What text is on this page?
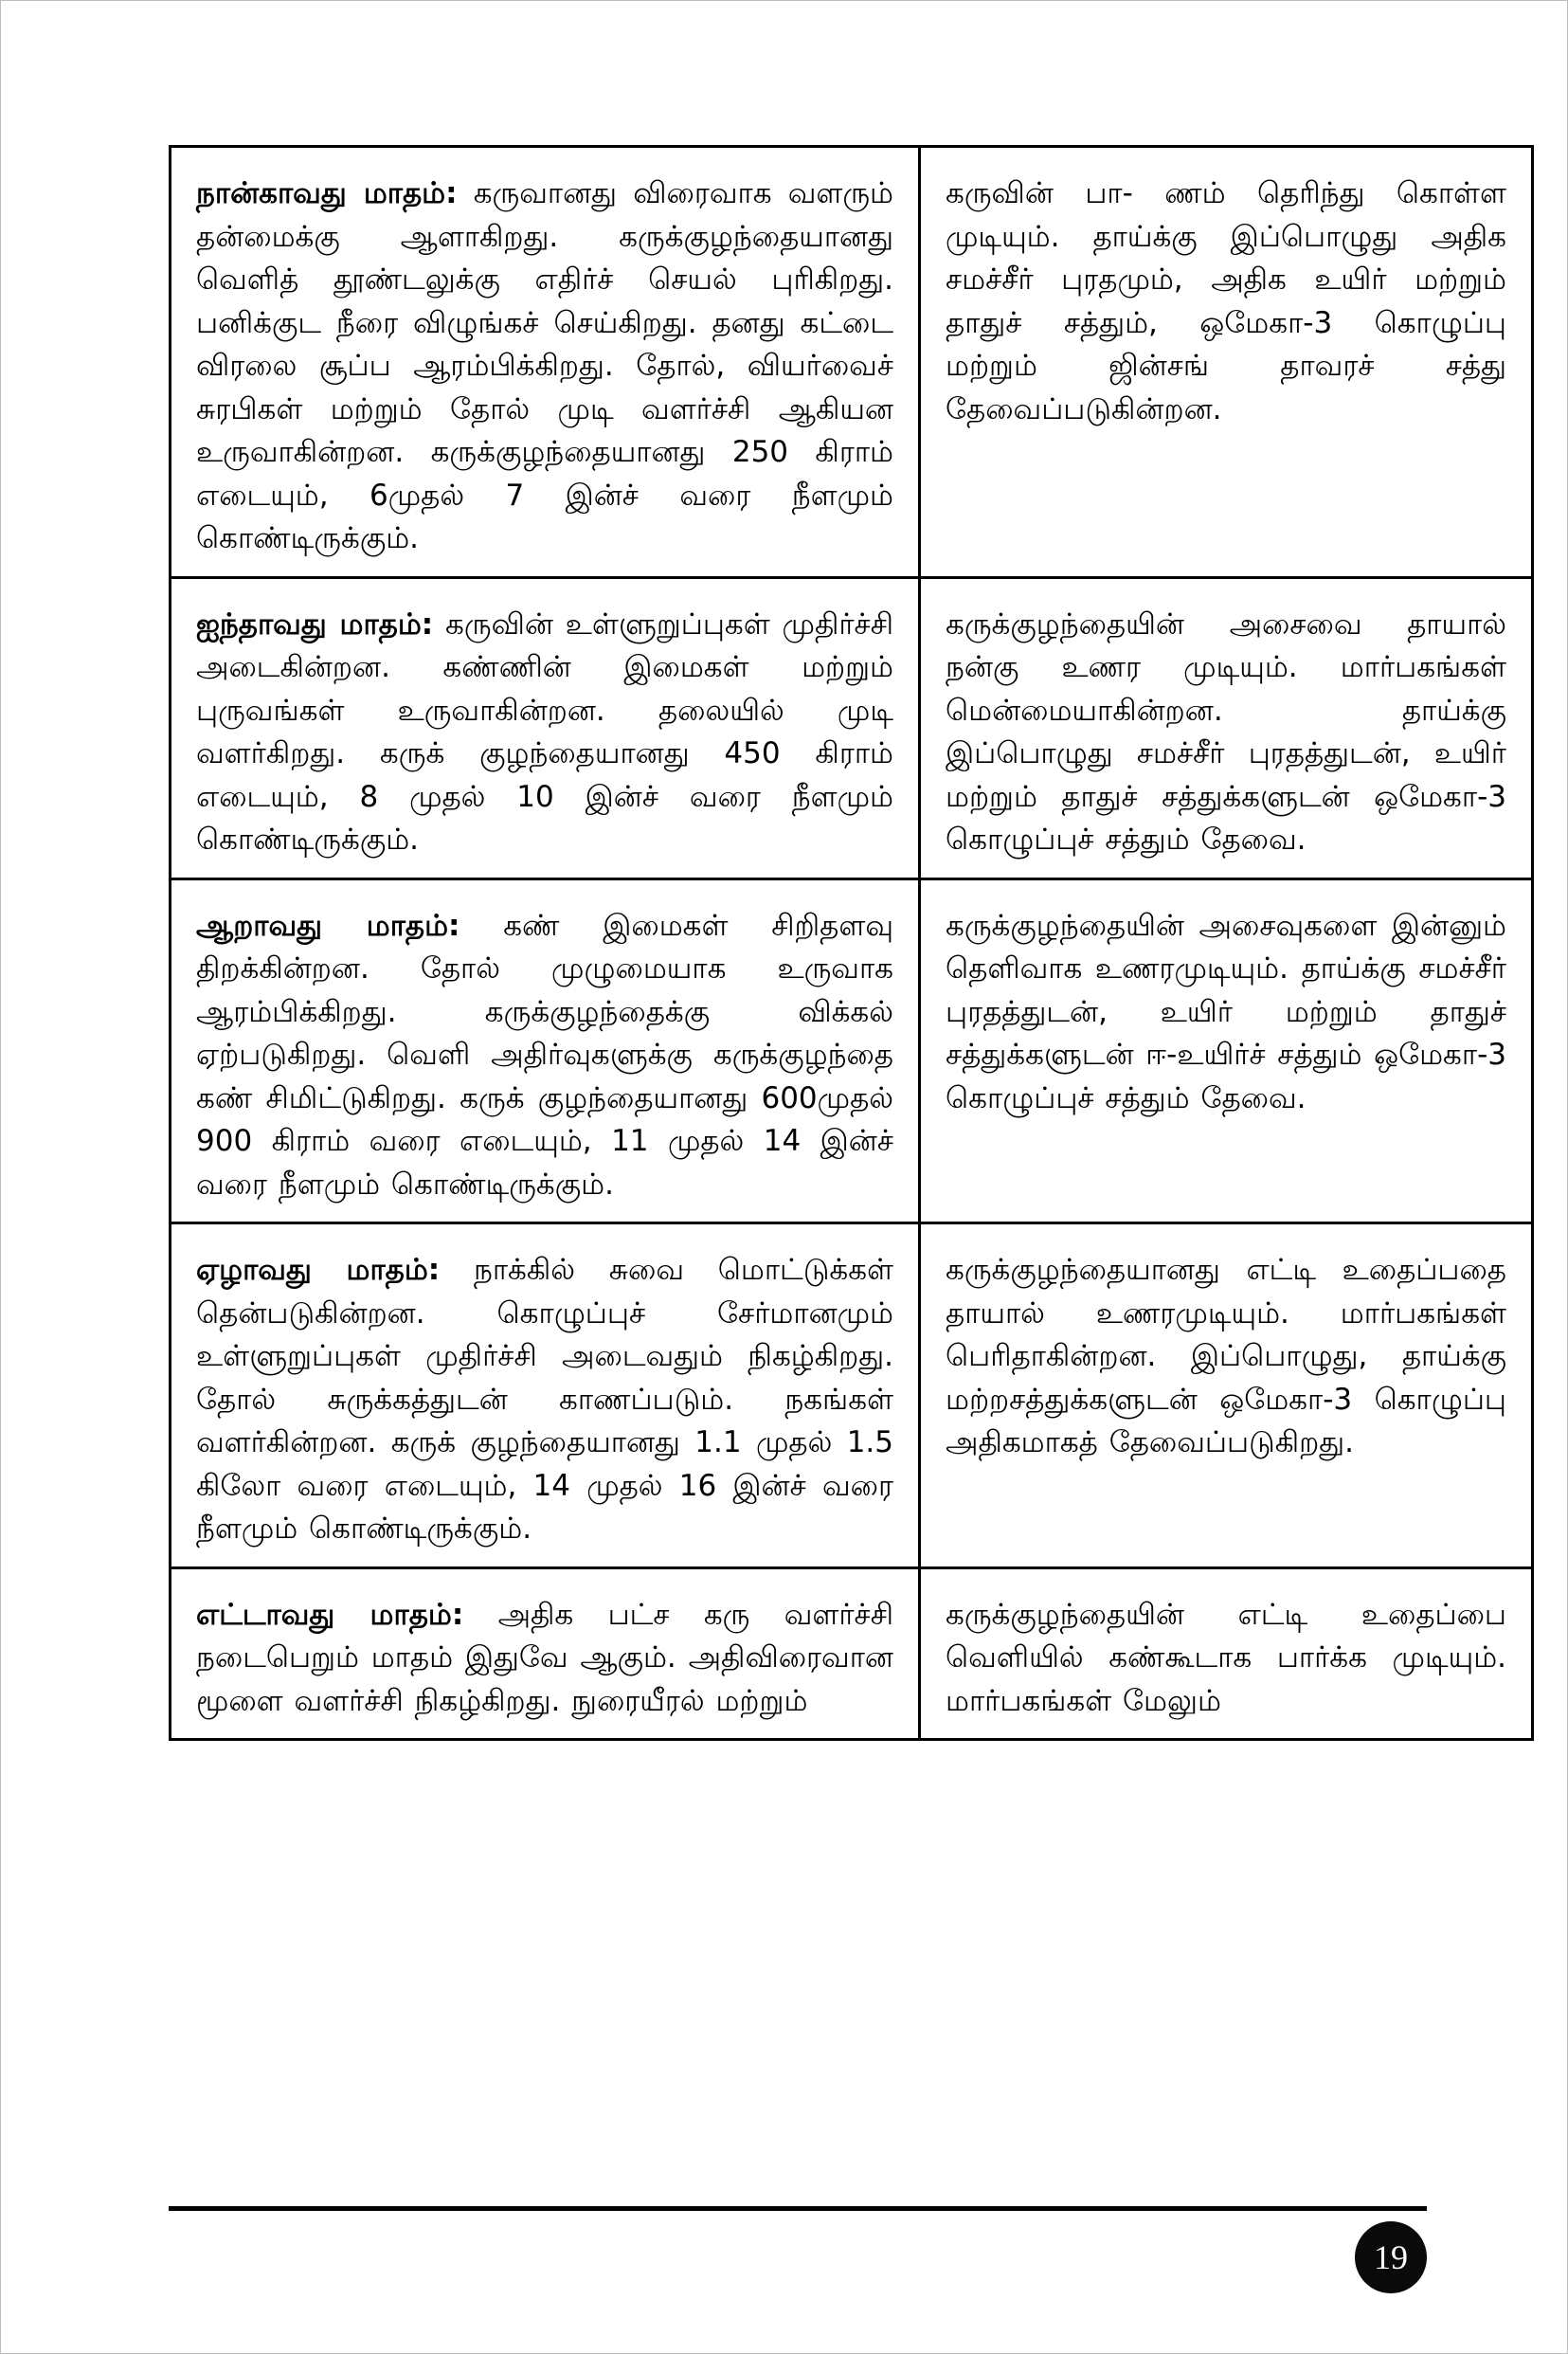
நான்காவது மாதம்: கருவானது விரைவாக வளரும் தன்மைக்கு ஆளாகிறது. கருக்குழந்தையானது வெளித் தூண்டலுக்கு எதிர்ச் செயல் புரிகிறது. பனிக்குட நீரை விழுங்கச் செய்கிறது. தனது கட்டை விரலை சூப்ப ஆரம்பிக்கிறது. தோல், வியர்வைச் சுரபிகள் மற்றும் தோல் முடி வளர்ச்சி ஆகியன உருவாகின்றன. கருக்குழந்தையானது 250 கிராம் எடையும், 6முதல் 7 இன்ச் வரை நீளமும் கொண்டிருக்கும்.	கருவின் பா- ணம் தெரிந்து கொள்ள முடியும். தாய்க்கு இப்பொழுது அதிக சமச்சீர் புரதமும், அதிக உயிர் மற்றும் தாதுச் சத்தும், ஒமேகா-3 கொழுப்பு மற்றும் ஜின்சங் தாவரச் சத்து தேவைப்படுகின்றன.
ஐந்தாவது மாதம்: கருவின் உள்ளுறுப்புகள் முதிர்ச்சி அடைகின்றன. கண்ணின் இமைகள் மற்றும் புருவங்கள் உருவாகின்றன. தலையில் முடி வளர்கிறது. கருக் குழந்தையானது 450 கிராம் எடையும், 8 முதல் 10 இன்ச் வரை நீளமும் கொண்டிருக்கும்.	கருக்குழந்தையின் அசைவை தாயால் நன்கு உணர முடியும். மார்பகங்கள் மென்மையாகின்றன. தாய்க்கு இப்பொழுது சமச்சீர் புரதத்துடன், உயிர் மற்றும் தாதுச் சத்துக்களுடன் ஒமேகா-3 கொழுப்புச் சத்தும் தேவை.
ஆறாவது மாதம்: கண் இமைகள் சிறிதளவு திறக்கின்றன. தோல் முழுமையாக உருவாக ஆரம்பிக்கிறது. கருக்குழந்தைக்கு விக்கல் ஏற்படுகிறது. வெளி அதிர்வுகளுக்கு கருக்குழந்தை கண் சிமிட்டுகிறது. கருக் குழந்தையானது 600முதல் 900 கிராம் வரை எடையும், 11 முதல் 14 இன்ச் வரை நீளமும் கொண்டிருக்கும்.	கருக்குழந்தையின் அசைவுகளை இன்னும் தெளிவாக உணரமுடியும். தாய்க்கு சமச்சீர் புரதத்துடன், உயிர் மற்றும் தாதுச் சத்துக்களுடன் ஈ-உயிர்ச் சத்தும் ஒமேகா-3 கொழுப்புச் சத்தும் தேவை.
ஏழாவது மாதம்: நாக்கில் சுவை மொட்டுக்கள் தென்படுகின்றன. கொழுப்புச் சேர்மானமும் உள்ளுறுப்புகள் முதிர்ச்சி அடைவதும் நிகழ்கிறது. தோல் சுருக்கத்துடன் காணப்படும். நகங்கள் வளர்கின்றன. கருக் குழந்தையானது 1.1 முதல் 1.5 கிலோ வரை எடையும், 14 முதல் 16 இன்ச் வரை நீளமும் கொண்டிருக்கும்.	கருக்குழந்தையானது எட்டி உதைப்பதை தாயால் உணரமுடியும். மார்பகங்கள் பெரிதாகின்றன. இப்பொழுது, தாய்க்கு மற்றசத்துக்களுடன் ஒமேகா-3 கொழுப்பு அதிகமாகத் தேவைப்படுகிறது.
எட்டாவது மாதம்: அதிக பட்ச கரு வளர்ச்சி நடைபெறும் மாதம் இதுவே ஆகும். அதிவிரைவான மூளை வளர்ச்சி நிகழ்கிறது. நுரையீரல் மற்றும்	கருக்குழந்தையின் எட்டி உதைப்பை வெளியில் கண்கூடாக பார்க்க முடியும். மார்பகங்கள் மேலும்
19
